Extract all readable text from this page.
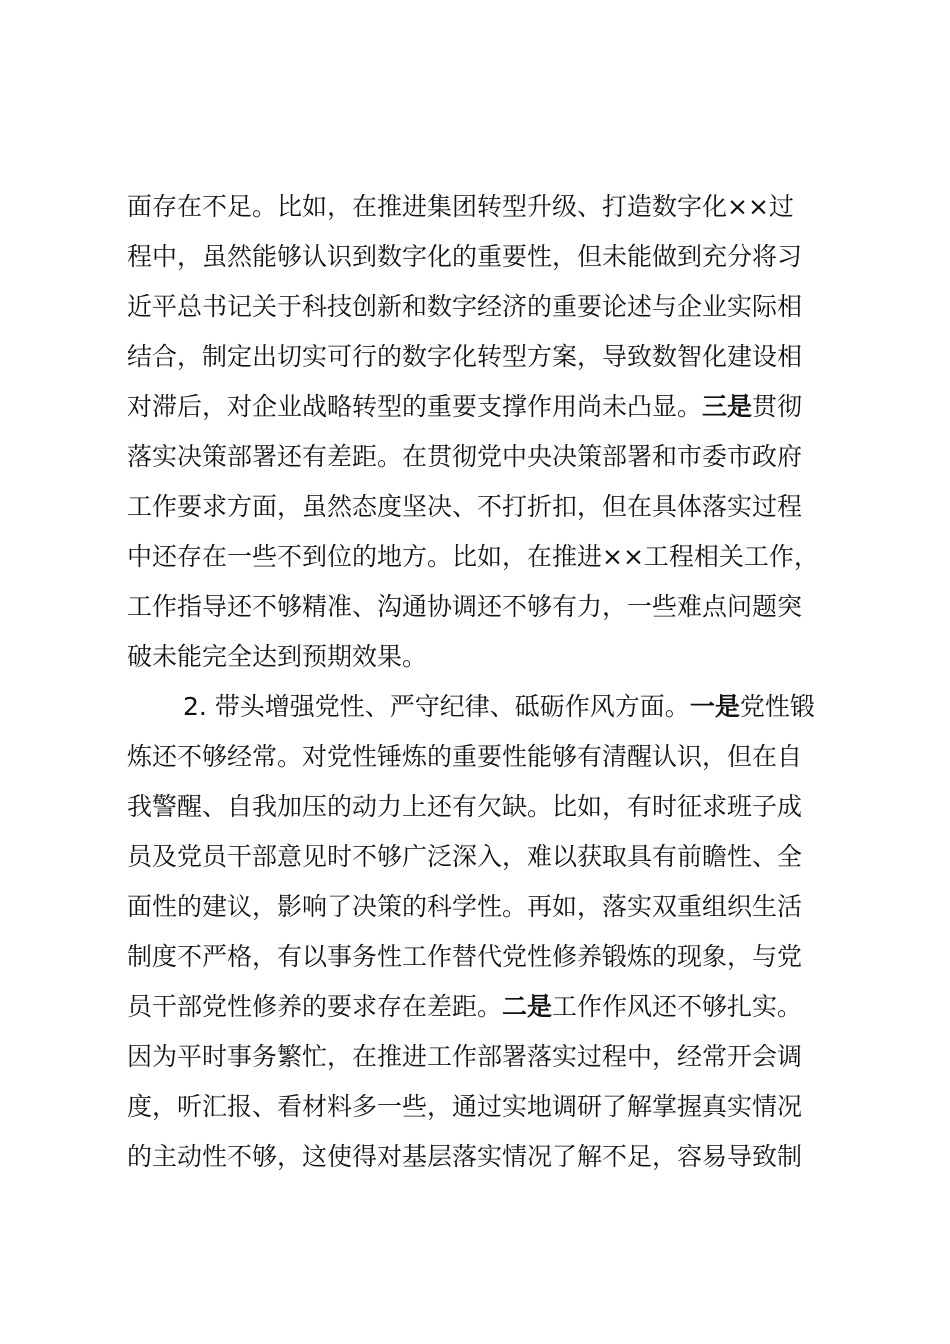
面存在不足。比如，在推进集团转型升级、打造数字化××过
程中，虽然能够认识到数字化的重要性，但未能做到充分将习
近平总书记关于科技创新和数字经济的重要论述与企业实际相
结合，制定出切实可行的数字化转型方案，导致数智化建设相
对滞后，对企业战略转型的重要支撑作用尚未凸显。三是贯彻
落实决策部署还有差距。在贯彻党中央决策部署和市委市政府
工作要求方面，虽然态度坚决、不打折扣，但在具体落实过程
中还存在一些不到位的地方。比如，在推进××工程相关工作，
工作指导还不够精准、沟通协调还不够有力，一些难点问题突
破未能完全达到预期效果。
2. 带头增强党性、严守纪律、砥砺作风方面。一是党性锻
炼还不够经常。对党性锤炼的重要性能够有清醒认识，但在自
我警醒、自我加压的动力上还有欠缺。比如，有时征求班子成
员及党员干部意见时不够广泛深入，难以获取具有前瞻性、全
面性的建议，影响了决策的科学性。再如，落实双重组织生活
制度不严格，有以事务性工作替代党性修养锻炼的现象，与党
员干部党性修养的要求存在差距。二是工作作风还不够扎实。
因为平时事务繁忙，在推进工作部署落实过程中，经常开会调
度，听汇报、看材料多一些，通过实地调研了解掌握真实情况
的主动性不够，这使得对基层落实情况了解不足，容易导致制
